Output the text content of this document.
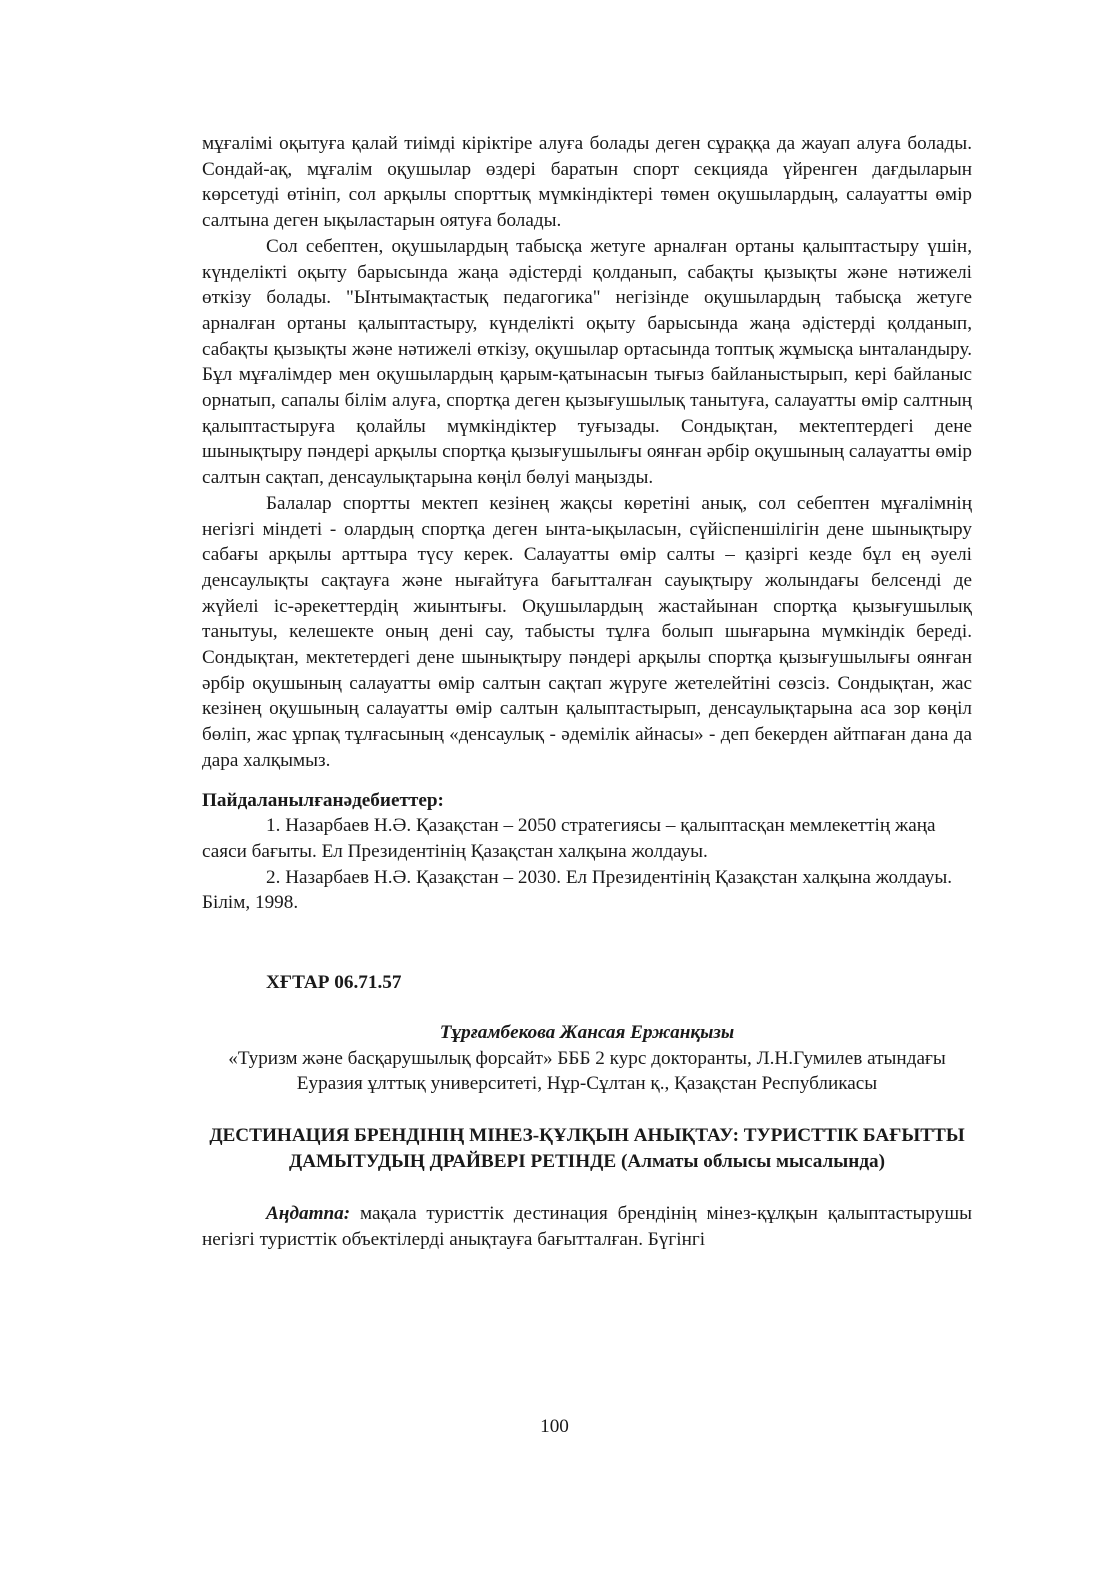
мұғалімі оқытуға қалай тиімді кіріктіре алуға болады деген сұраққа да жауап алуға болады. Сондай-ақ, мұғалім оқушылар өздері баратын спорт секцияда үйренген дағдыларын көрсетуді өтініп, сол арқылы спорттық мүмкіндіктері төмен оқушылардың, салауатты өмір салтына деген ықыластарын оятуға болады.

Сол себептен, оқушылардың табысқа жетуге арналған ортаны қалыптастыру үшін, күнделікті оқыту барысында жаңа әдістерді қолданып, сабақты қызықты және нәтижелі өткізу болады. "Ынтымақтастық педагогика" негізінде оқушылардың табысқа жетуге арналған ортаны қалыптастыру, күнделікті оқыту барысында жаңа әдістерді қолданып, сабақты қызықты және нәтижелі өткізу, оқушылар ортасында топтық жұмысқа ынталандыру. Бұл мұғалімдер мен оқушылардың қарым-қатынасын тығыз байланыстырып, кері байланыс орнатып, сапалы білім алуға, спортқа деген қызығушылық танытуға, салауатты өмір салтның қалыптастыруға қолайлы мүмкіндіктер туғызады. Сондықтан, мектептердегі дене шынықтыру пәндері арқылы спортқа қызығушылығы оянған әрбір оқушының салауатты өмір салтын сақтап, денсаулықтарына көңіл бөлуі маңызды.

Балалар спортты мектеп кезінең жақсы көретіні анық, сол себептен мұғалімнің негізгі міндеті - олардың спортқа деген ынта-ықыласын, сүйіспеншілігін дене шынықтыру сабағы арқылы арттыра түсу керек. Салауатты өмір салты – қазіргі кезде бұл ең әуелі денсаулықты сақтауға және нығайтуға бағытталған сауықтыру жолындағы белсенді де жүйелі іс-әрекеттердің жиынтығы. Оқушылардың жастайынан спортқа қызығушылық танытуы, келешекте оның дені сау, табысты тұлға болып шығарына мүмкіндік береді. Сондықтан, мектетердегі дене шынықтыру пәндері арқылы спортқа қызығушылығы оянған әрбір оқушының салауатты өмір салтын сақтап жүруге жетелейтіні сөзсіз. Сондықтан, жас кезінең оқушының салауатты өмір салтын қалыптастырып, денсаулықтарына аса зор көңіл бөліп, жас ұрпақ тұлғасының «денсаулық - әдемілік айнасы» - деп бекерден айтпаған дана да дара халқымыз.

Пайдаланылғанәдебиеттер:

1. Назарбаев Н.Ә. Қазақстан – 2050 стратегиясы – қалыптасқан мемлекеттің жаңа саяси бағыты. Ел Президентінің Қазақстан халқына жолдауы.

2. Назарбаев Н.Ә. Қазақстан – 2030. Ел Президентінің Қазақстан халқына жолдауы. Білім, 1998.

ХҒТАР 06.71.57

Тұрғамбекова Жансая Ержанқызы

«Туризм және басқарушылық форсайт» БББ 2 курс докторанты, Л.Н.Гумилев атындағы Еуразия ұлттық университеті, Нұр-Сұлтан қ., Қазақстан Республикасы

ДЕСТИНАЦИЯ БРЕНДІНІҢ МІНЕЗ-ҚҰЛҚЫН АНЫҚТАУ: ТУРИСТТІК БАҒЫТТЫ ДАМЫТУДЫҢ ДРАЙВЕРІ РЕТІНДЕ (Алматы облысы мысалында)

Аңдатпа: мақала туристтік дестинация брендінің мінез-құлқын қалыптастырушы негізгі туристтік объектілерді анықтауға бағытталған. Бүгінгі

100
